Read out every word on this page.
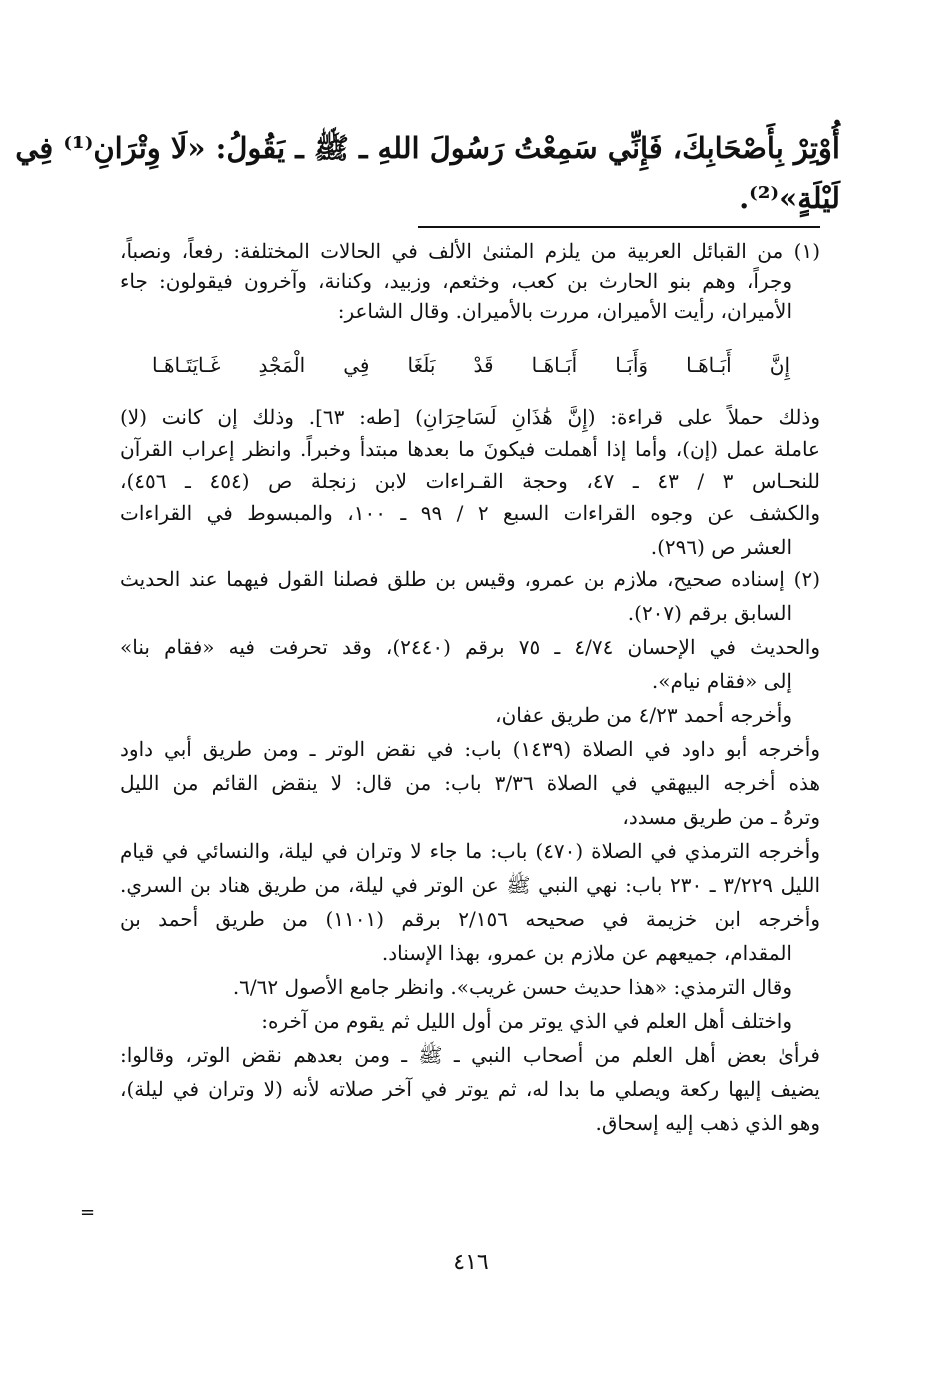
أُوْتِرْ بِأَصْحَابِكَ، فَإِنِّي سَمِعْتُ رَسُولَ اللهِ ـ ﷺ ـ يَقُولُ: «لَا وِتْرَانِ⁽¹⁾ فِي
لَيْلَةٍ»⁽²⁾.
(١) من القبائل العربية من يلزم المثنىٰ الألف في الحالات المختلفة: رفعاً، ونصباً،
وجراً، وهم بنو الحارث بن كعب، وخثعم، وزبيد، وكنانة، وآخرون فيقولون: جاء
الأميران، رأيت الأميران، مررت بالأميران. وقال الشاعر:
إِنَّ أَبَـاهَـا وَأَبَـا أَبَـاهَـا قَدْ بَلَغَا فِي الْمَجْدِ غَـايَتَـاهَـا
وذلك حملاً على قراءة: (إِنَّ هَٰذَانِ لَسَاحِرَانِ) [طه: ٦٣]. وذلك إن كانت (لا)
عاملة عمل (إن)، وأما إذا أهملت فيكونَ ما بعدها مبتدأ وخبراً. وانظر إعراب القرآن
للنحـاس ٣ / ٤٣ ـ ٤٧، وحجة القـراءات لابن زنجلة ص (٤٥٤ ـ ٤٥٦)،
والكشف عن وجوه القراءات السبع ٢ / ٩٩ ـ ١٠٠، والمبسوط في القراءات
العشر ص (٢٩٦).
(٢) إسناده صحيح، ملازم بن عمرو، وقيس بن طلق فصلنا القول فيهما عند الحديث
السابق برقم (٢٠٧).
والحديث في الإحسان ٤/٧٤ ـ ٧٥ برقم (٢٤٤٠)، وقد تحرفت فيه «فقام بنا»
إلى «فقام نيام».
وأخرجه أحمد ٤/٢٣ من طريق عفان،
وأخرجه أبو داود في الصلاة (١٤٣٩) باب: في نقض الوتر ـ ومن طريق أبي داود
هذه أخرجه البيهقي في الصلاة ٣/٣٦ باب: من قال: لا ينقض القائم من الليل
وترهُ ـ من طريق مسدد،
وأخرجه الترمذي في الصلاة (٤٧٠) باب: ما جاء لا وتران في ليلة، والنسائي في قيام
الليل ٣/٢٢٩ ـ ٢٣٠ باب: نهي النبي ﷺ عن الوتر في ليلة، من طريق هناد بن السري.
وأخرجه ابن خزيمة في صحيحه ٢/١٥٦ برقم (١١٠١) من طريق أحمد بن
المقدام، جميعهم عن ملازم بن عمرو، بهذا الإسناد.
وقال الترمذي: «هذا حديث حسن غريب». وانظر جامع الأصول ٦/٦٢.
واختلف أهل العلم في الذي يوتر من أول الليل ثم يقوم من آخره:
فرأىٰ بعض أهل العلم من أصحاب النبي ـ ﷺ ـ ومن بعدهم نقض الوتر، وقالوا:
يضيف إليها ركعة ويصلي ما بدا له، ثم يوتر في آخر صلاته لأنه (لا وتران في ليلة)،
وهو الذي ذهب إليه إسحاق.
=
٤١٦
